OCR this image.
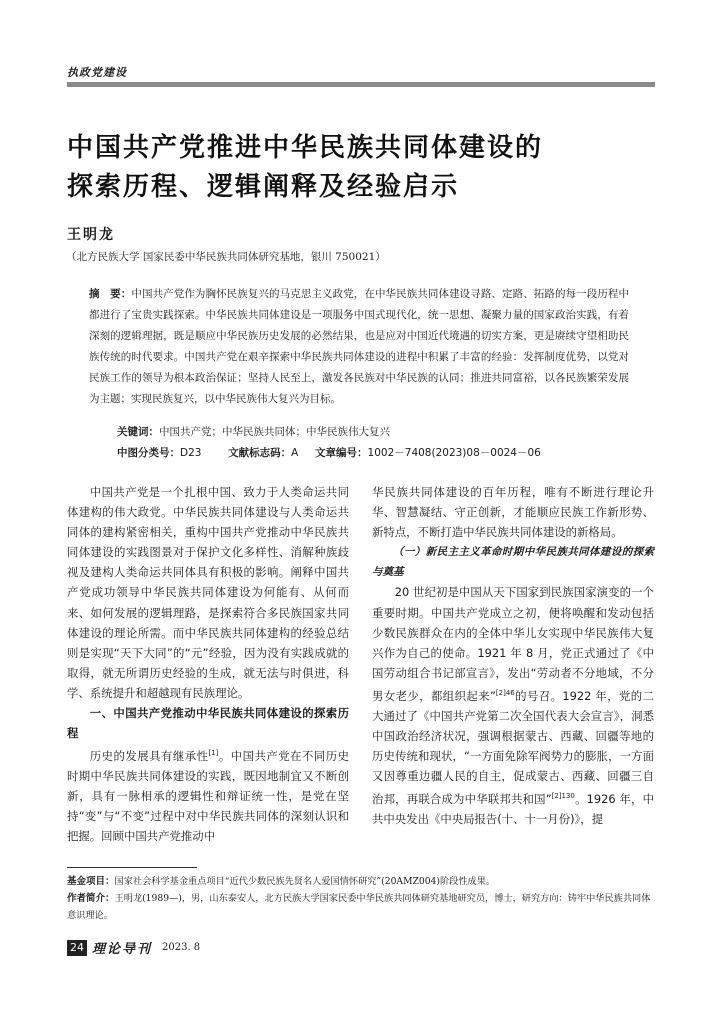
执政党建设
中国共产党推进中华民族共同体建设的
探索历程、逻辑阐释及经验启示
王明龙
（北方民族大学 国家民委中华民族共同体研究基地，银川 750021）
摘　要：中国共产党作为胸怀民族复兴的马克思主义政党，在中华民族共同体建设寻路、定路、拓路的每一段历程中都进行了宝贵实践探索。中华民族共同体建设是一项服务中国式现代化，统一思想、凝聚力量的国家政治实践，有着深刻的逻辑理据，既是顺应中华民族历史发展的必然结果，也是应对中国近代境遇的切实方案，更是赓续守望相助民族传统的时代要求。中国共产党在艰辛探索中华民族共同体建设的进程中积累了丰富的经验：发挥制度优势，以党对民族工作的领导为根本政治保证；坚持人民至上，激发各民族对中华民族的认同；推进共同富裕，以各民族繁荣发展为主题；实现民族复兴，以中华民族伟大复兴为目标。
关键词：中国共产党；中华民族共同体；中华民族伟大复兴
中图分类号：D23	文献标志码：A 文章编号：1002－7408(2023)08－0024－06

中国共产党是一个扎根中国、致力于人类命运共同体建构的伟大政党。中华民族共同体建设与人类命运共同体的建构紧密相关，重构中国共产党推动中华民族共同体建设的实践图景对于保护文化多样性、消解种族歧视及建构人类命运共同体具有积极的影响。阐释中国共产党成功领导中华民族共同体建设为何能有、从何而来、如何发展的逻辑理路，是探索符合多民族国家共同体建设的理论所需。而中华民族共同体建构的经验总结则是实现“天下大同”的“元”经验，因为没有实践成就的取得，就无所谓历史经验的生成，就无法与时俱进，科学、系统提升和超越现有民族理论。

一、中国共产党推动中华民族共同体建设的探索历程

历史的发展具有继承性[1]。中国共产党在不同历史时期中华民族共同体建设的实践，既因地制宜又不断创新，具有一脉相承的逻辑性和辩证统一性，是党在坚持“变”与“不变”过程中对中华民族共同体的深刻认识和把握。回顾中国共产党推动中

华民族共同体建设的百年历程，唯有不断进行理论升华、智慧凝结、守正创新，才能顺应民族工作新形势、新特点，不断打造中华民族共同体建设的新格局。

（一）新民主主义革命时期中华民族共同体建设的探索与奠基

20 世纪初是中国从天下国家到民族国家演变的一个重要时期。中国共产党成立之初，便将唤醒和发动包括少数民族群众在内的全体中华儿女实现中华民族伟大复兴作为自己的使命。1921 年 8 月，党正式通过了《中国劳动组合书记部宣言》，发出“劳动者不分地域，不分男女老少，都组织起来”$^{[2]46}$的号召。1922 年，党的二大通过了《中国共产党第二次全国代表大会宣言》，洞悉中国政治经济状况，强调根据蒙古、西藏、回疆等地的历史传统和现状，“一方面免除军阀势力的膨胀，一方面又因尊重边疆人民的自主，促成蒙古、西藏、回疆三自治邦，再联合成为中华联邦共和国”$^{[2]130}$。1926 年，中共中央发出《中央局报告(十、十一月份)》，提

基金项目：国家社会科学基金重点项目“近代少数民族先贤名人爱国情怀研究”(20AMZ004)阶段性成果。
作者简介：王明龙(1989—)，男，山东泰安人，北方民族大学国家民委中华民族共同体研究基地研究员，博士，研究方向：铸牢中华民族共同体意识理论。
24 理论导刊 2023. 8
